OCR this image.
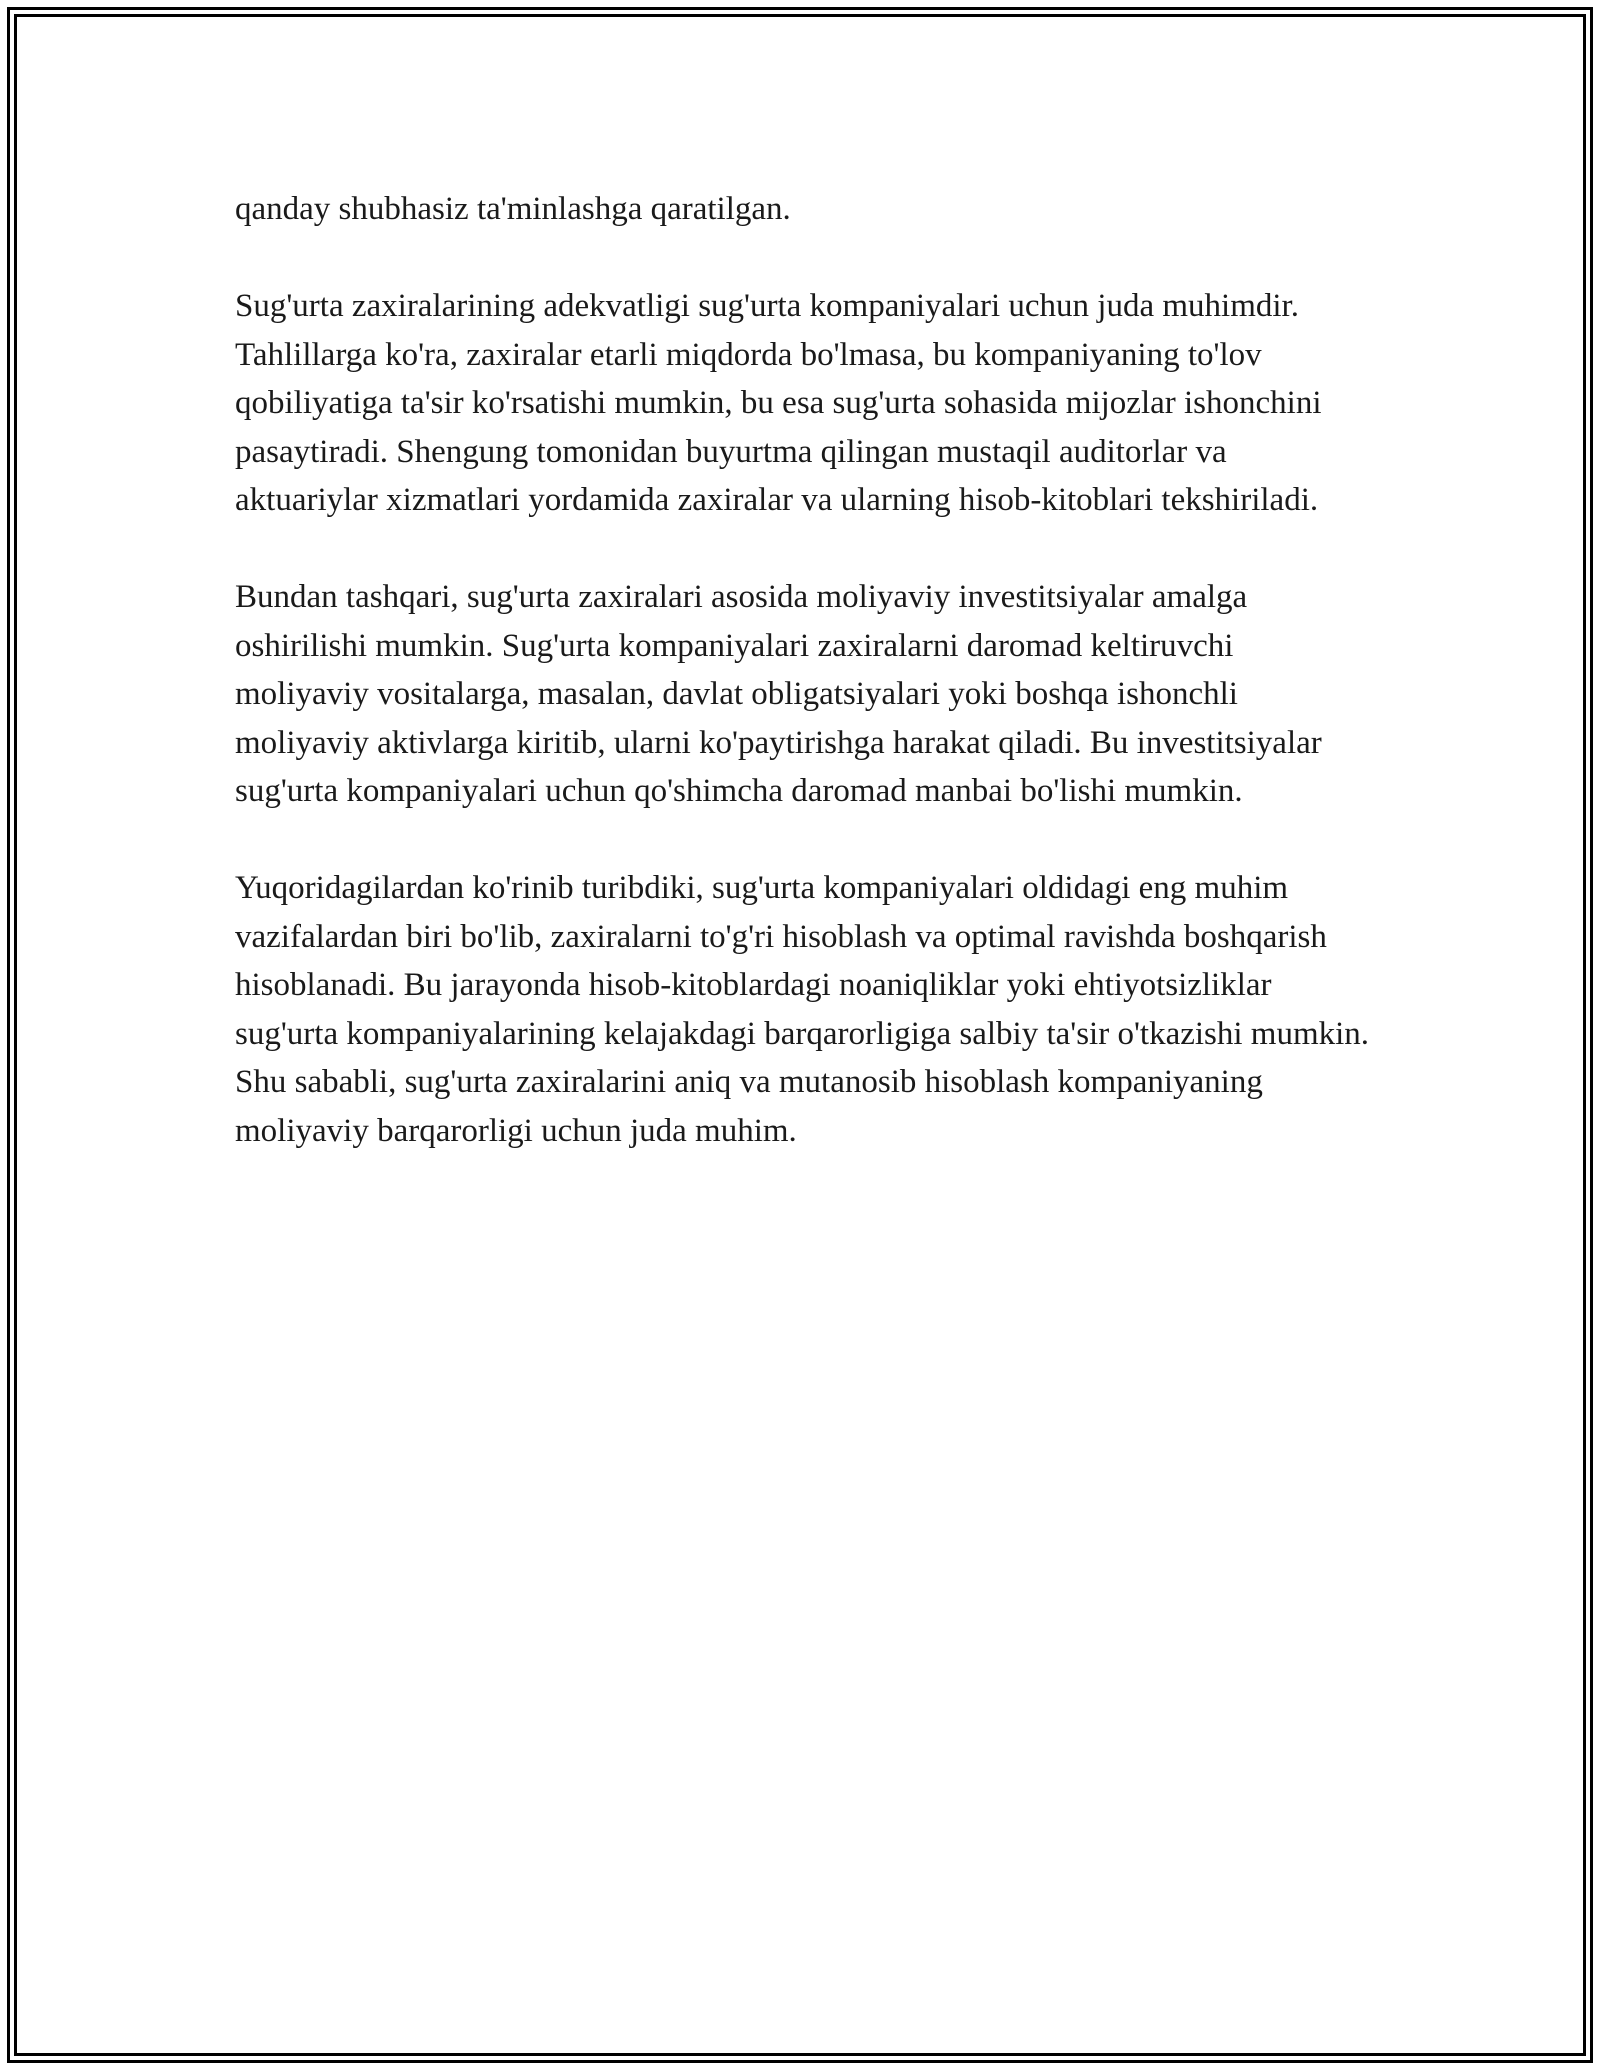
qanday shubhasiz ta'minlashga qaratilgan.

Sug'urta zaxiralarining adekvatligi sug'urta kompaniyalari uchun juda muhimdir. Tahlillarga ko'ra, zaxiralar etarli miqdorda bo'lmasa, bu kompaniyaning to'lov qobiliyatiga ta'sir ko'rsatishi mumkin, bu esa sug'urta sohasida mijozlar ishonchini pasaytiradi. Shengung tomonidan buyurtma qilingan mustaqil auditorlar va aktuariylar xizmatlari yordamida zaxiralar va ularning hisob-kitoblari tekshiriladi.

Bundan tashqari, sug'urta zaxiralari asosida moliyaviy investitsiyalar amalga oshirilishi mumkin. Sug'urta kompaniyalari zaxiralarni daromad keltiruvchi moliyaviy vositalarga, masalan, davlat obligatsiyalari yoki boshqa ishonchli moliyaviy aktivlarga kiritib, ularni ko'paytirishga harakat qiladi. Bu investitsiyalar sug'urta kompaniyalari uchun qo'shimcha daromad manbai bo'lishi mumkin.

Yuqoridagilardan ko'rinib turibdiki, sug'urta kompaniyalari oldidagi eng muhim vazifalardan biri bo'lib, zaxiralarni to'g'ri hisoblash va optimal ravishda boshqarish hisoblanadi. Bu jarayonda hisob-kitoblardagi noaniqliklar yoki ehtiyotsizliklar sug'urta kompaniyalarining kelajakdagi barqarorligiga salbiy ta'sir o'tkazishi mumkin. Shu sababli, sug'urta zaxiralarini aniq va mutanosib hisoblash kompaniyaning moliyaviy barqarorligi uchun juda muhim.
